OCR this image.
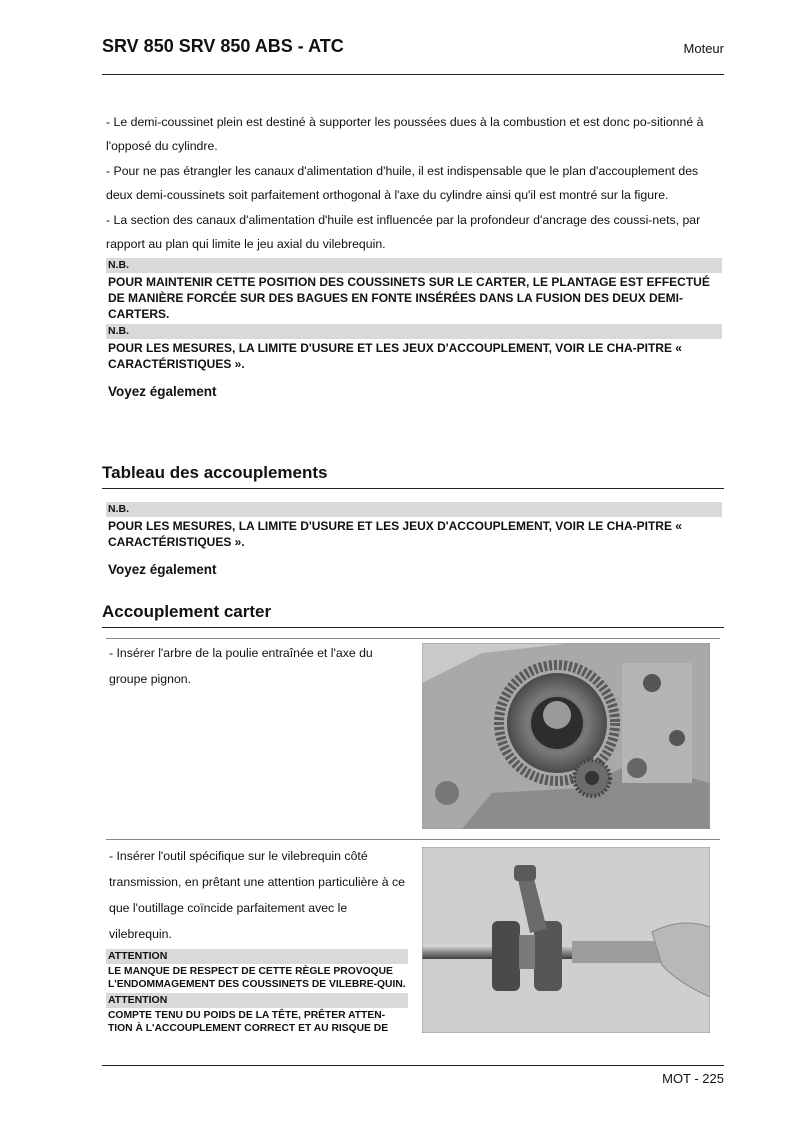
SRV 850 SRV 850 ABS - ATC	Moteur

- Le demi-coussinet plein est destiné à supporter les poussées dues à la combustion et est donc po-sitionné à l'opposé du cylindre.

- Pour ne pas étrangler les canaux d'alimentation d'huile, il est indispensable que le plan d'accouplement des deux demi-coussinets soit parfaitement orthogonal à l'axe du cylindre ainsi qu'il est montré sur la figure.

- La section des canaux d'alimentation d'huile est influencée par la profondeur d'ancrage des coussi-nets, par rapport au plan qui limite le jeu axial du vilebrequin.

N.B.
POUR MAINTENIR CETTE POSITION DES COUSSINETS SUR LE CARTER, LE PLANTAGE EST EFFECTUÉ DE MANIÈRE FORCÉE SUR DES BAGUES EN FONTE INSÉRÉES DANS LA FUSION DES DEUX DEMI-CARTERS.
N.B.
POUR LES MESURES, LA LIMITE D'USURE ET LES JEUX D'ACCOUPLEMENT, VOIR LE CHA-PITRE « CARACTÉRISTIQUES ».
Voyez également
Tableau des accouplements
N.B.
POUR LES MESURES, LA LIMITE D'USURE ET LES JEUX D'ACCOUPLEMENT, VOIR LE CHA-PITRE « CARACTÉRISTIQUES ».
Voyez également
Accouplement carter

- Insérer l'arbre de la poulie entraînée et l'axe du groupe pignon.

- Insérer l'outil spécifique sur le vilebrequin côté transmission, en prêtant une attention particulière à ce que l'outillage coïncide parfaitement avec le vilebrequin.

ATTENTION
LE MANQUE DE RESPECT DE CETTE RÈGLE PROVOQUE L'ENDOMMAGEMENT DES COUSSINETS DE VILEBRE-QUIN.
ATTENTION
COMPTE TENU DU POIDS DE LA TÊTE, PRÊTER ATTEN-TION À L'ACCOUPLEMENT CORRECT ET AU RISQUE DE
MOT - 225
